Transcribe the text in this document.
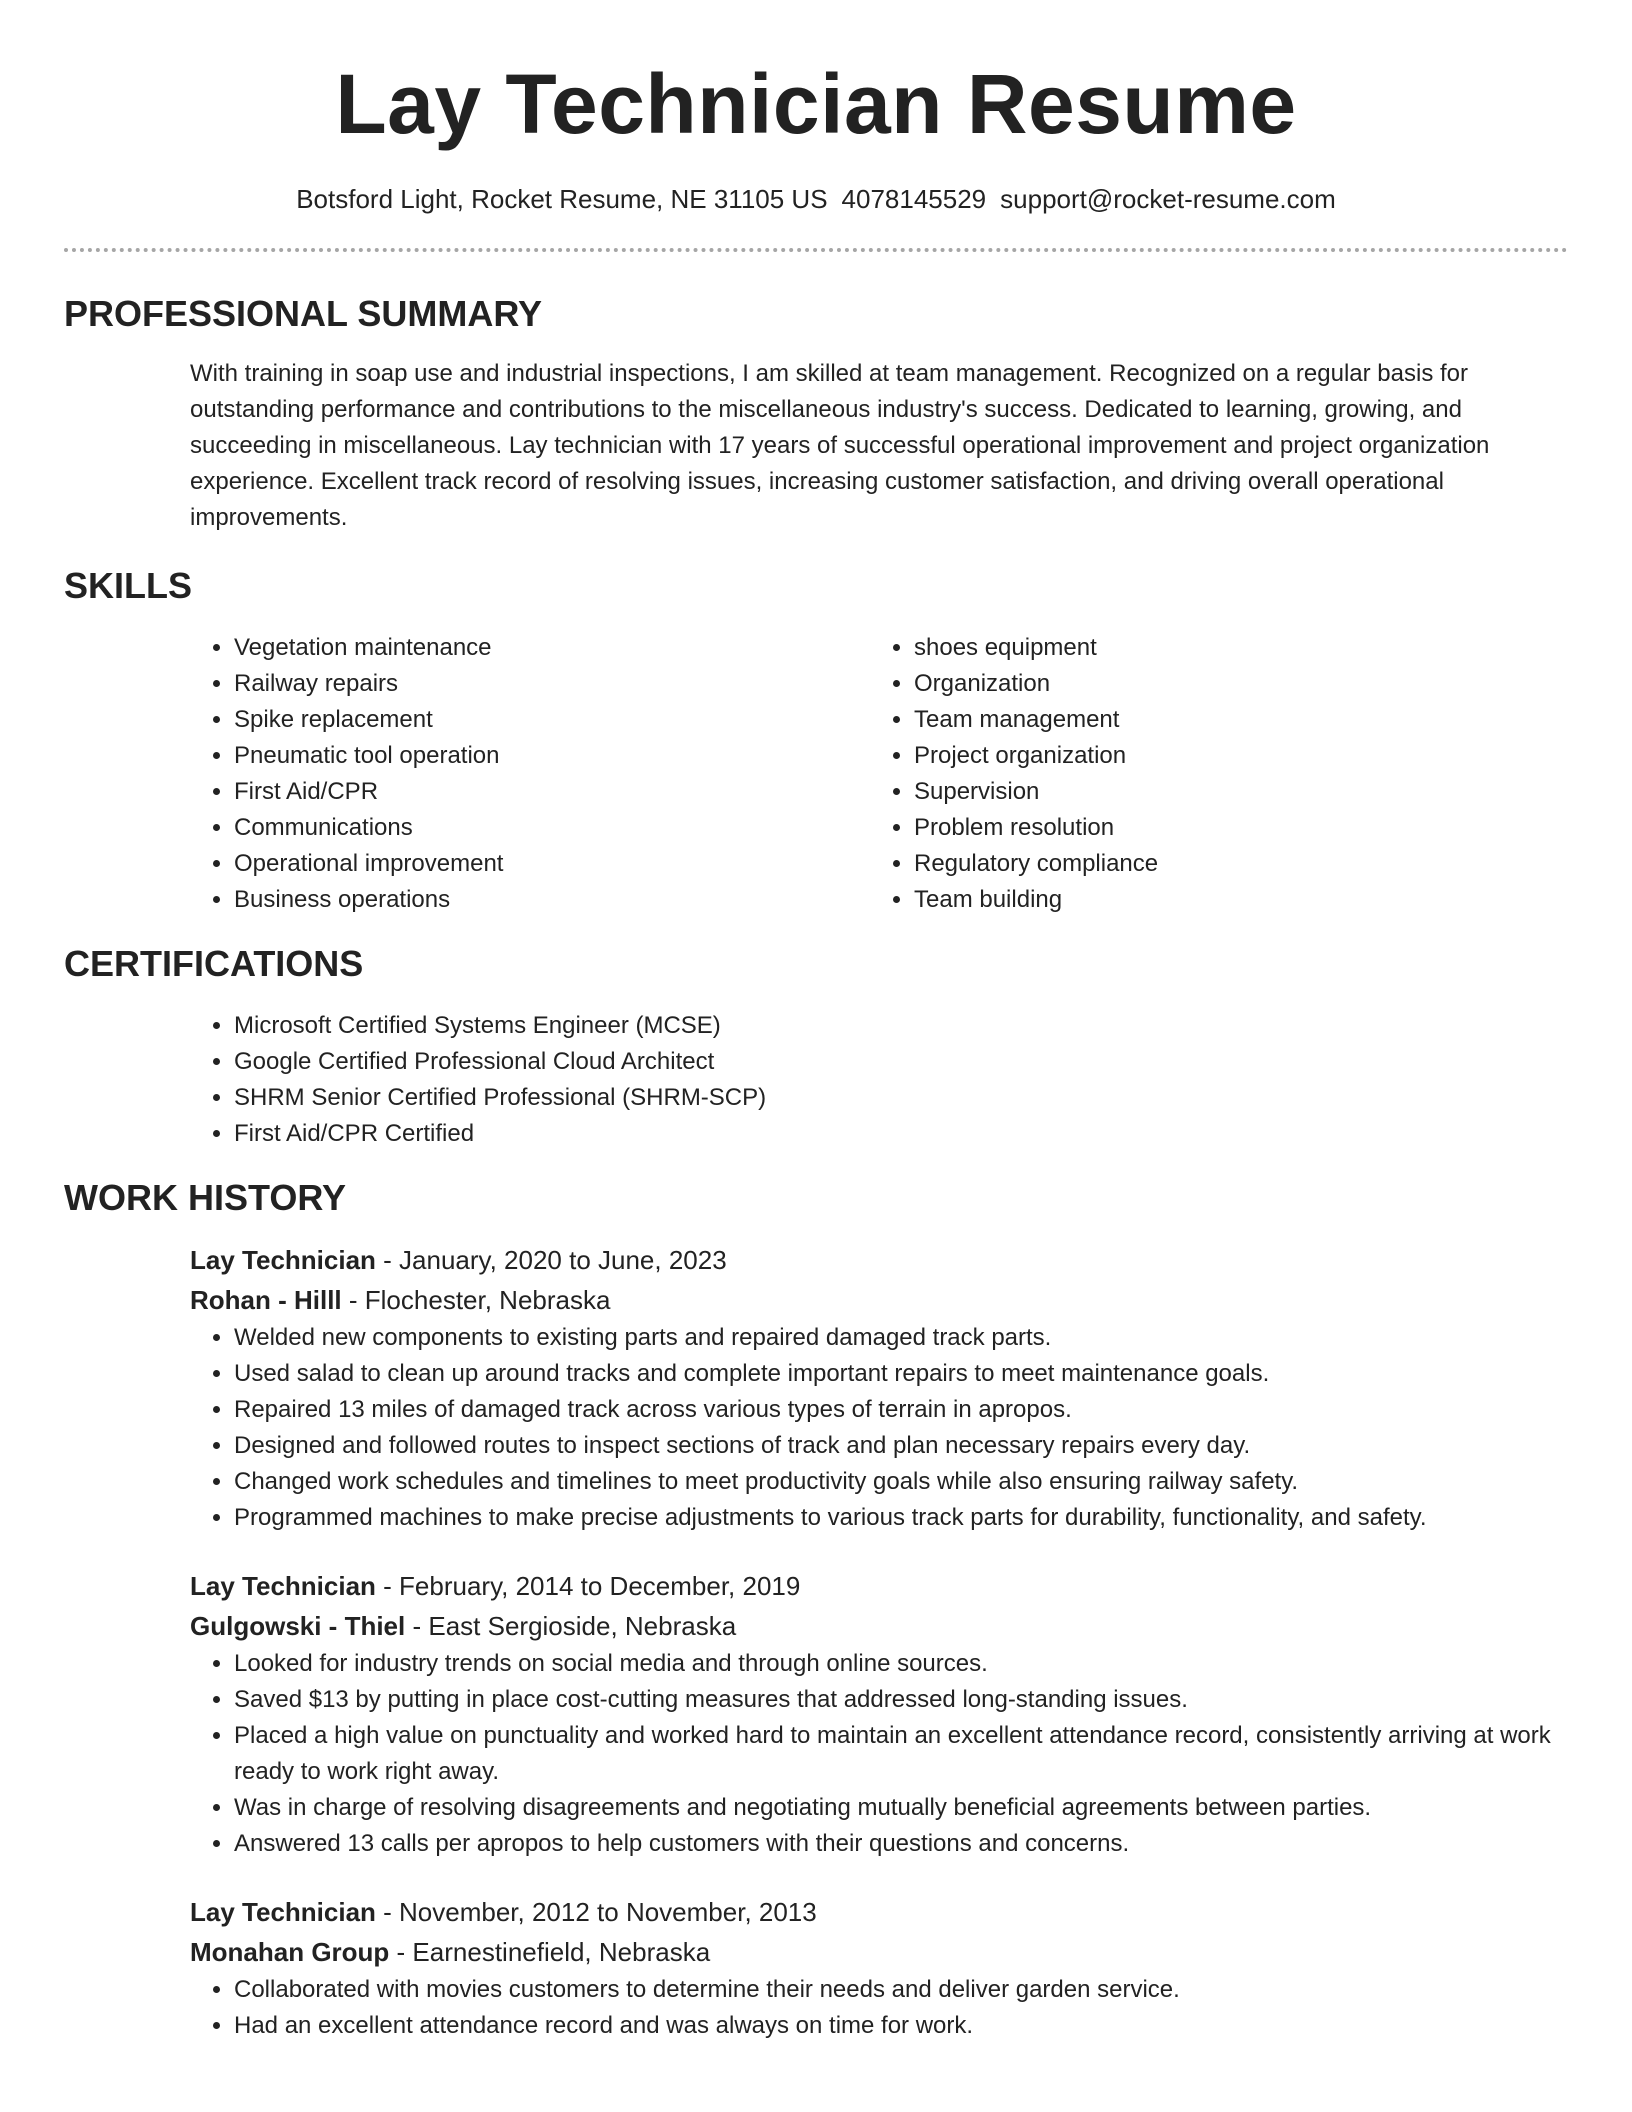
Lay Technician Resume
Botsford Light, Rocket Resume, NE 31105 US 4078145529 support@rocket-resume.com
PROFESSIONAL SUMMARY

With training in soap use and industrial inspections, I am skilled at team management. Recognized on a regular basis for outstanding performance and contributions to the miscellaneous industry's success. Dedicated to learning, growing, and succeeding in miscellaneous. Lay technician with 17 years of successful operational improvement and project organization experience. Excellent track record of resolving issues, increasing customer satisfaction, and driving overall operational improvements.

SKILLS
• Vegetation maintenance
• Railway repairs
• Spike replacement
• Pneumatic tool operation
• First Aid/CPR
• Communications
• Operational improvement
• Business operations
• shoes equipment
• Organization
• Team management
• Project organization
• Supervision
• Problem resolution
• Regulatory compliance
• Team building
CERTIFICATIONS
• Microsoft Certified Systems Engineer (MCSE)
• Google Certified Professional Cloud Architect
• SHRM Senior Certified Professional (SHRM-SCP)
• First Aid/CPR Certified
WORK HISTORY
Lay Technician - January, 2020 to June, 2023
Rohan - Hilll - Flochester, Nebraska
• Welded new components to existing parts and repaired damaged track parts.
• Used salad to clean up around tracks and complete important repairs to meet maintenance goals.
• Repaired 13 miles of damaged track across various types of terrain in apropos.
• Designed and followed routes to inspect sections of track and plan necessary repairs every day.
• Changed work schedules and timelines to meet productivity goals while also ensuring railway safety.
• Programmed machines to make precise adjustments to various track parts for durability, functionality, and safety.
Lay Technician - February, 2014 to December, 2019
Gulgowski - Thiel - East Sergioside, Nebraska
• Looked for industry trends on social media and through online sources.
• Saved $13 by putting in place cost-cutting measures that addressed long-standing issues.
• Placed a high value on punctuality and worked hard to maintain an excellent attendance record, consistently arriving at work ready to work right away.
• Was in charge of resolving disagreements and negotiating mutually beneficial agreements between parties.
• Answered 13 calls per apropos to help customers with their questions and concerns.
Lay Technician - November, 2012 to November, 2013
Monahan Group - Earnestinefield, Nebraska
• Collaborated with movies customers to determine their needs and deliver garden service.
• Had an excellent attendance record and was always on time for work.
